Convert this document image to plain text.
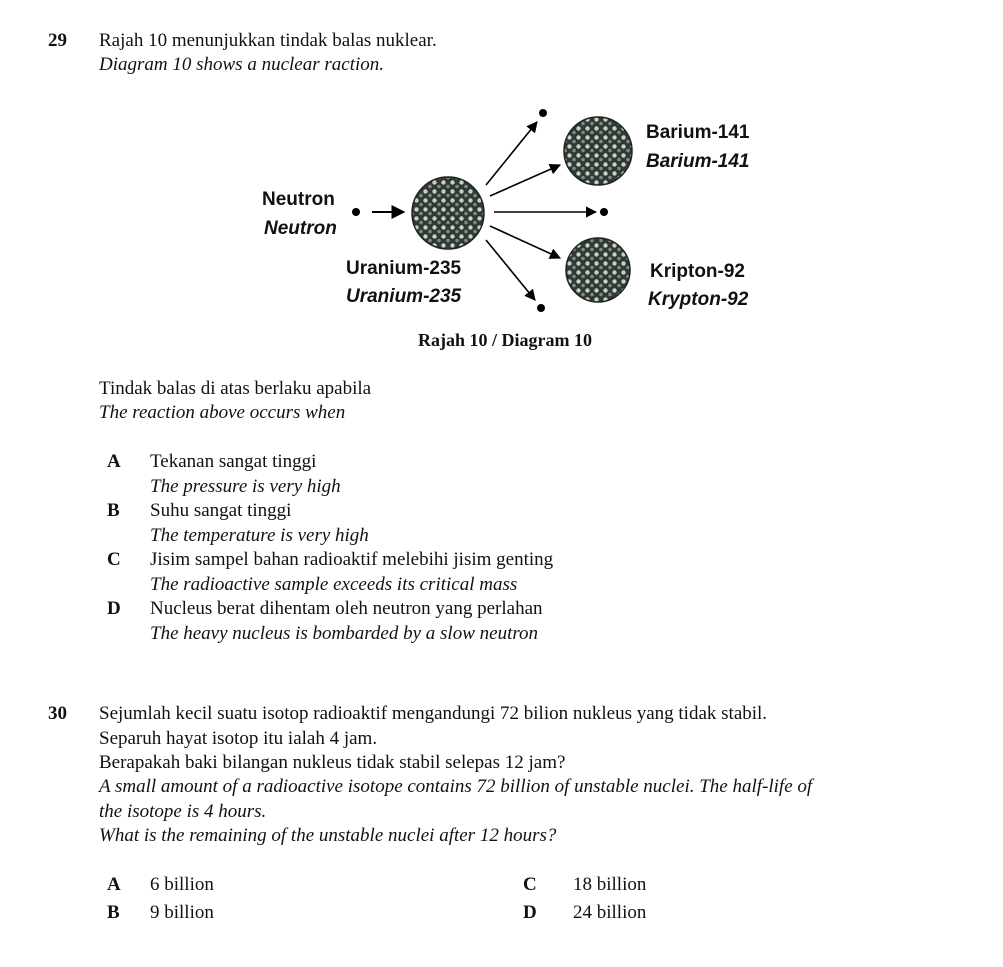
29 Rajah 10 menunjukkan tindak balas nuklear.
Diagram 10 shows a nuclear raction.
Neutron
Neutron
Uranium-235
Uranium-235
Barium-141
Barium-141
Kripton-92
Krypton-92
Rajah 10 / Diagram 10
Tindak balas di atas berlaku apabila
The reaction above occurs when
A Tekanan sangat tinggi
The pressure is very high
B Suhu sangat tinggi
The temperature is very high
C Jisim sampel bahan radioaktif melebihi jisim genting
The radioactive sample exceeds its critical mass
D Nucleus berat dihentam oleh neutron yang perlahan
The heavy nucleus is bombarded by a slow neutron
30 Sejumlah kecil suatu isotop radioaktif mengandungi 72 bilion nukleus yang tidak stabil.
Separuh hayat isotop itu ialah 4 jam.
Berapakah baki bilangan nukleus tidak stabil selepas 12 jam?
A small amount of a radioactive isotope contains 72 billion of unstable nuclei. The half-life of
the isotope is 4 hours.
What is the remaining of the unstable nuclei after 12 hours?
A 6 billion
B 9 billion
C 18 billion
D 24 billion
